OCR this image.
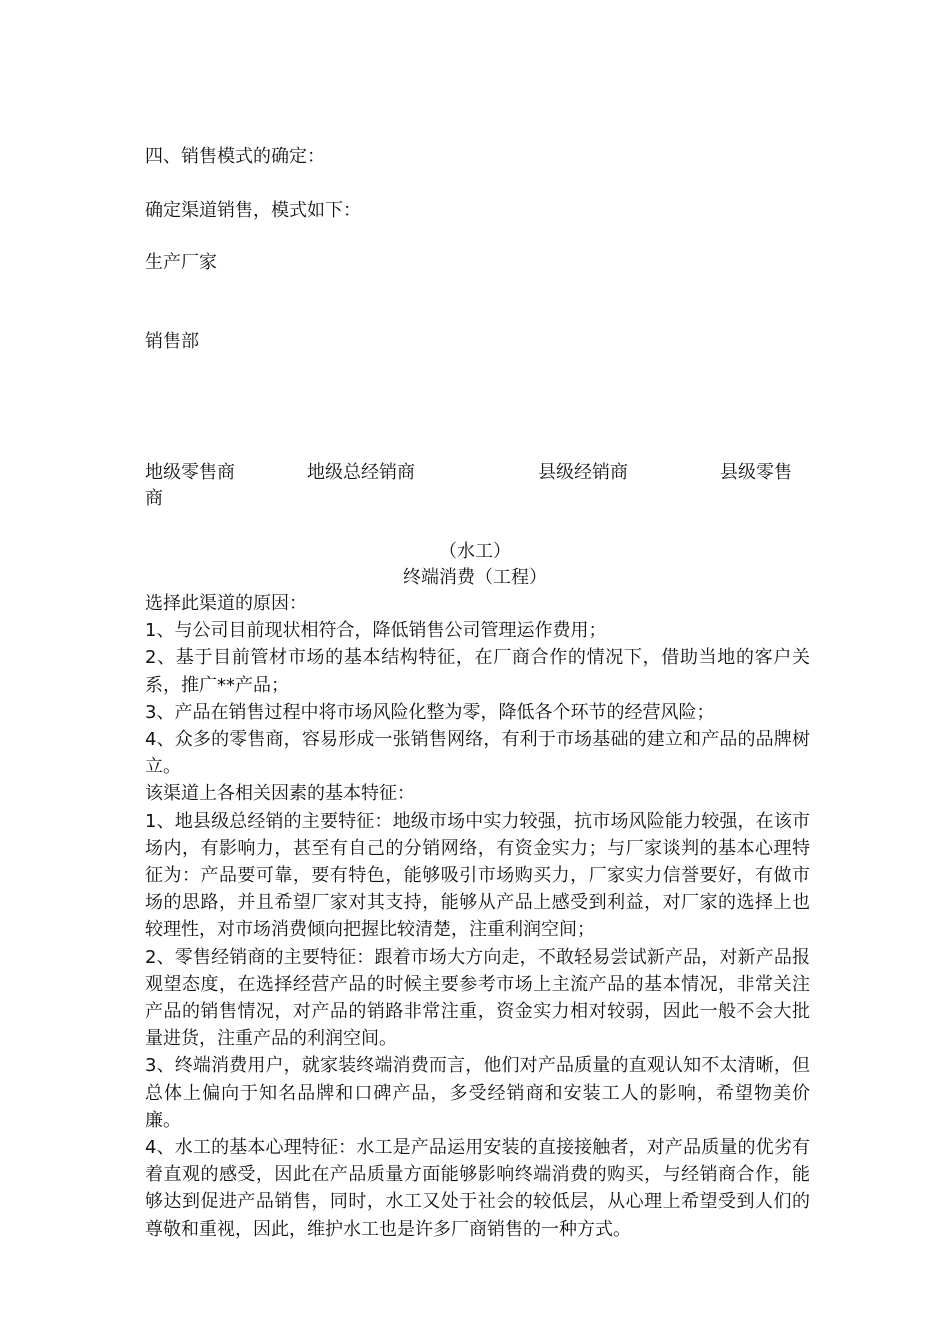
四、销售模式的确定：
确定渠道销售，模式如下：
生产厂家
销售部
地级零售商	地级总经销商	县级经销商	县级零售
商
（水工）
终端消费（工程）

选择此渠道的原因：

1、与公司目前现状相符合，降低销售公司管理运作费用；

2、基于目前管材市场的基本结构特征，在厂商合作的情况下，借助当地的客户关系，推广**产品；

3、产品在销售过程中将市场风险化整为零，降低各个环节的经营风险；

4、众多的零售商，容易形成一张销售网络，有利于市场基础的建立和产品的品牌树立。

该渠道上各相关因素的基本特征：

1、地县级总经销的主要特征：地级市场中实力较强，抗市场风险能力较强，在该市场内，有影响力，甚至有自己的分销网络，有资金实力；与厂家谈判的基本心理特征为：产品要可靠，要有特色，能够吸引市场购买力，厂家实力信誉要好，有做市场的思路，并且希望厂家对其支持，能够从产品上感受到利益，对厂家的选择上也较理性，对市场消费倾向把握比较清楚，注重利润空间；

2、零售经销商的主要特征：跟着市场大方向走，不敢轻易尝试新产品，对新产品报观望态度，在选择经营产品的时候主要参考市场上主流产品的基本情况，非常关注产品的销售情况，对产品的销路非常注重，资金实力相对较弱，因此一般不会大批量进货，注重产品的利润空间。

3、终端消费用户，就家装终端消费而言，他们对产品质量的直观认知不太清晰，但总体上偏向于知名品牌和口碑产品，多受经销商和安装工人的影响，希望物美价廉。

4、水工的基本心理特征：水工是产品运用安装的直接接触者，对产品质量的优劣有着直观的感受，因此在产品质量方面能够影响终端消费的购买，与经销商合作，能够达到促进产品销售，同时，水工又处于社会的较低层，从心理上希望受到人们的尊敬和重视，因此，维护水工也是许多厂商销售的一种方式。
